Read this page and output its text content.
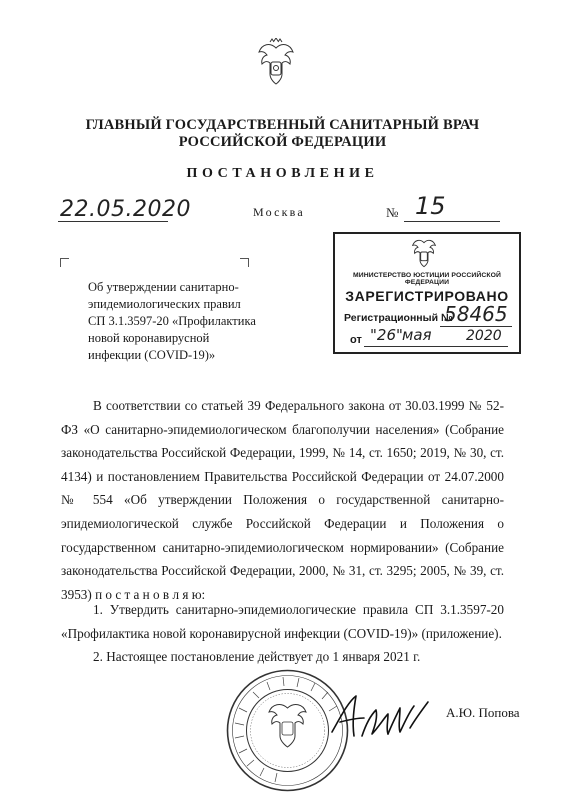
ГЛАВНЫЙ ГОСУДАРСТВЕННЫЙ САНИТАРНЫЙ ВРАЧ
РОССИЙСКОЙ ФЕДЕРАЦИИ
ПОСТАНОВЛЕНИЕ
22.05.2020	Москва	№ 15
Об утверждении санитарно-
эпидемиологических правил
СП 3.1.3597-20 «Профилактика
новой коронавирусной
инфекции (COVID-19)»
МИНИСТЕРСТВО ЮСТИЦИИ РОССИЙСКОЙ ФЕДЕРАЦИИ
ЗАРЕГИСТРИРОВАНО
Регистрационный №
58465
от "26" мая 2020
В соответствии со статьей 39 Федерального закона от 30.03.1999 № 52-ФЗ «О санитарно-эпидемиологическом благополучии населения» (Собрание законодательства Российской Федерации, 1999, № 14, ст. 1650; 2019, № 30, ст. 4134) и постановлением Правительства Российской Федерации от 24.07.2000 № 554 «Об утверждении Положения о государственной санитарно-эпидемиологической службе Российской Федерации и Положения о государственном санитарно-эпидемиологическом нормировании» (Собрание законодательства Российской Федерации, 2000, № 31, ст. 3295; 2005, № 39, ст. 3953) п о с т а н о в л я ю:
1. Утвердить санитарно-эпидемиологические правила СП 3.1.3597-20 «Профилактика новой коронавирусной инфекции (COVID-19)» (приложение).
2. Настоящее постановление действует до 1 января 2021 г.
А.Ю. Попова
